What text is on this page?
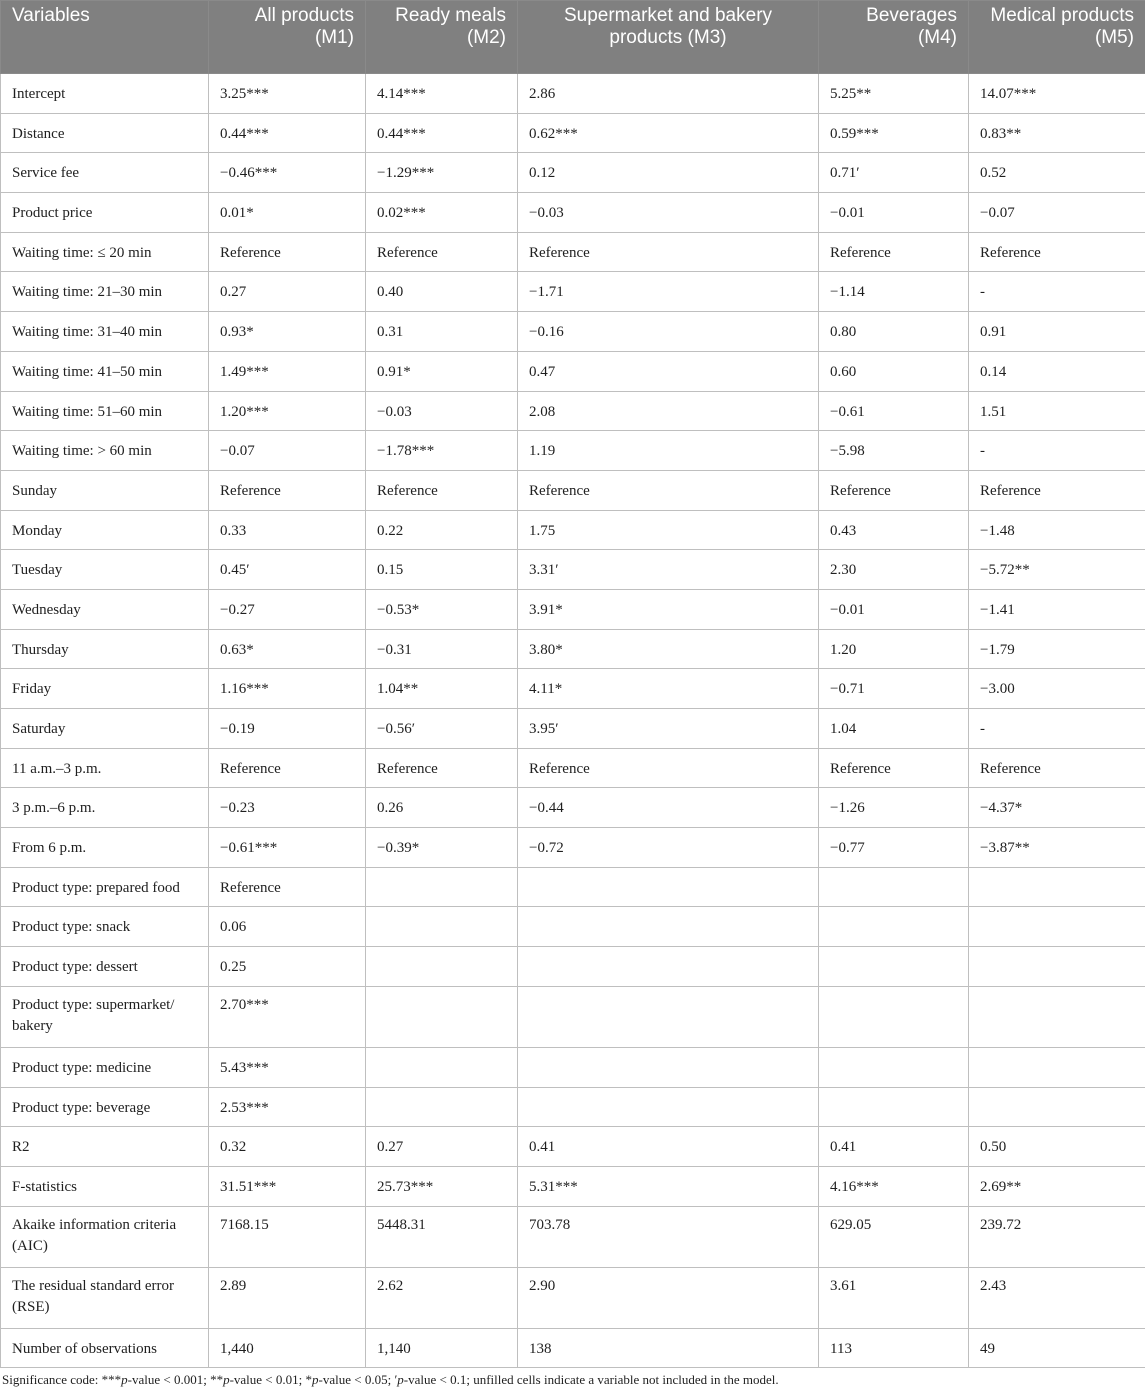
Variables	All products (M1)	Ready meals (M2)	Supermarket and bakery products (M3)	Beverages (M4)	Medical products (M5)
Intercept	3.25***	4.14***	2.86	5.25**	14.07***
Distance	0.44***	0.44***	0.62***	0.59***	0.83**
Service fee	−0.46***	−1.29***	0.12	0.71′	0.52
Product price	0.01*	0.02***	−0.03	−0.01	−0.07
Waiting time: ≤ 20 min	Reference	Reference	Reference	Reference	Reference
Waiting time: 21–30 min	0.27	0.40	−1.71	−1.14	-
Waiting time: 31–40 min	0.93*	0.31	−0.16	0.80	0.91
Waiting time: 41–50 min	1.49***	0.91*	0.47	0.60	0.14
Waiting time: 51–60 min	1.20***	−0.03	2.08	−0.61	1.51
Waiting time: > 60 min	−0.07	−1.78***	1.19	−5.98	-
Sunday	Reference	Reference	Reference	Reference	Reference
Monday	0.33	0.22	1.75	0.43	−1.48
Tuesday	0.45′	0.15	3.31′	2.30	−5.72**
Wednesday	−0.27	−0.53*	3.91*	−0.01	−1.41
Thursday	0.63*	−0.31	3.80*	1.20	−1.79
Friday	1.16***	1.04**	4.11*	−0.71	−3.00
Saturday	−0.19	−0.56′	3.95′	1.04	-
11 a.m.–3 p.m.	Reference	Reference	Reference	Reference	Reference
3 p.m.–6 p.m.	−0.23	0.26	−0.44	−1.26	−4.37*
From 6 p.m.	−0.61***	−0.39*	−0.72	−0.77	−3.87**
Product type: prepared food	Reference				
Product type: snack	0.06				
Product type: dessert	0.25				
Product type: supermarket/ bakery	2.70***				
Product type: medicine	5.43***				
Product type: beverage	2.53***				
R2	0.32	0.27	0.41	0.41	0.50
F-statistics	31.51***	25.73***	5.31***	4.16***	2.69**
Akaike information criteria (AIC)	7168.15	5448.31	703.78	629.05	239.72
The residual standard error (RSE)	2.89	2.62	2.90	3.61	2.43
Number of observations	1,440	1,140	138	113	49
Significance code: ***p-value < 0.001; **p-value < 0.01; *p-value < 0.05; ′p-value < 0.1; unfilled cells indicate a variable not included in the model.
